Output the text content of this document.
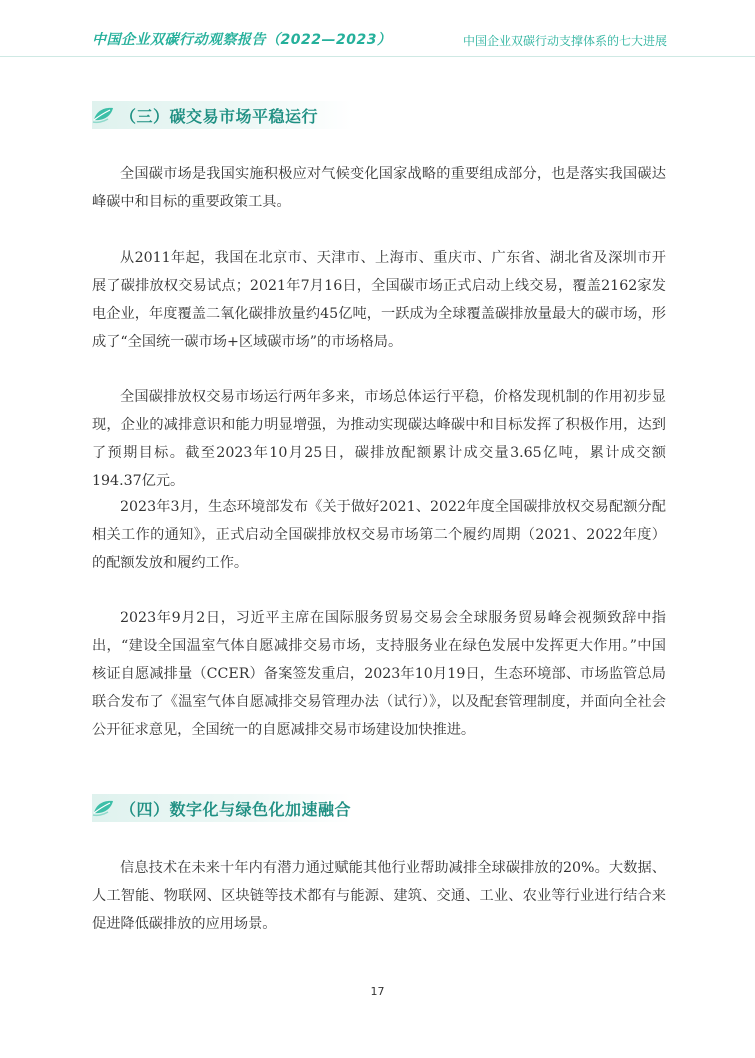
中国企业双碳行动观察报告（2022—2023）	中国企业双碳行动支撑体系的七大进展
（三）碳交易市场平稳运行

全国碳市场是我国实施积极应对气候变化国家战略的重要组成部分，也是落实我国碳达峰碳中和目标的重要政策工具。

从2011年起，我国在北京市、天津市、上海市、重庆市、广东省、湖北省及深圳市开展了碳排放权交易试点；2021年7月16日，全国碳市场正式启动上线交易，覆盖2162家发电企业，年度覆盖二氧化碳排放量约45亿吨，一跃成为全球覆盖碳排放量最大的碳市场，形成了“全国统一碳市场+区域碳市场”的市场格局。

全国碳排放权交易市场运行两年多来，市场总体运行平稳，价格发现机制的作用初步显现，企业的减排意识和能力明显增强，为推动实现碳达峰碳中和目标发挥了积极作用，达到了预期目标。截至2023年10月25日，碳排放配额累计成交量3.65亿吨，累计成交额194.37亿元。

2023年3月，生态环境部发布《关于做好2021、2022年度全国碳排放权交易配额分配相关工作的通知》，正式启动全国碳排放权交易市场第二个履约周期（2021、2022年度）的配额发放和履约工作。

2023年9月2日，习近平主席在国际服务贸易交易会全球服务贸易峰会视频致辞中指出，“建设全国温室气体自愿减排交易市场，支持服务业在绿色发展中发挥更大作用。”中国核证自愿减排量（CCER）备案签发重启，2023年10月19日，生态环境部、市场监管总局联合发布了《温室气体自愿减排交易管理办法（试行）》，以及配套管理制度，并面向全社会公开征求意见，全国统一的自愿减排交易市场建设加快推进。

（四）数字化与绿色化加速融合

信息技术在未来十年内有潜力通过赋能其他行业帮助减排全球碳排放的20%。大数据、人工智能、物联网、区块链等技术都有与能源、建筑、交通、工业、农业等行业进行结合来促进降低碳排放的应用场景。

17
